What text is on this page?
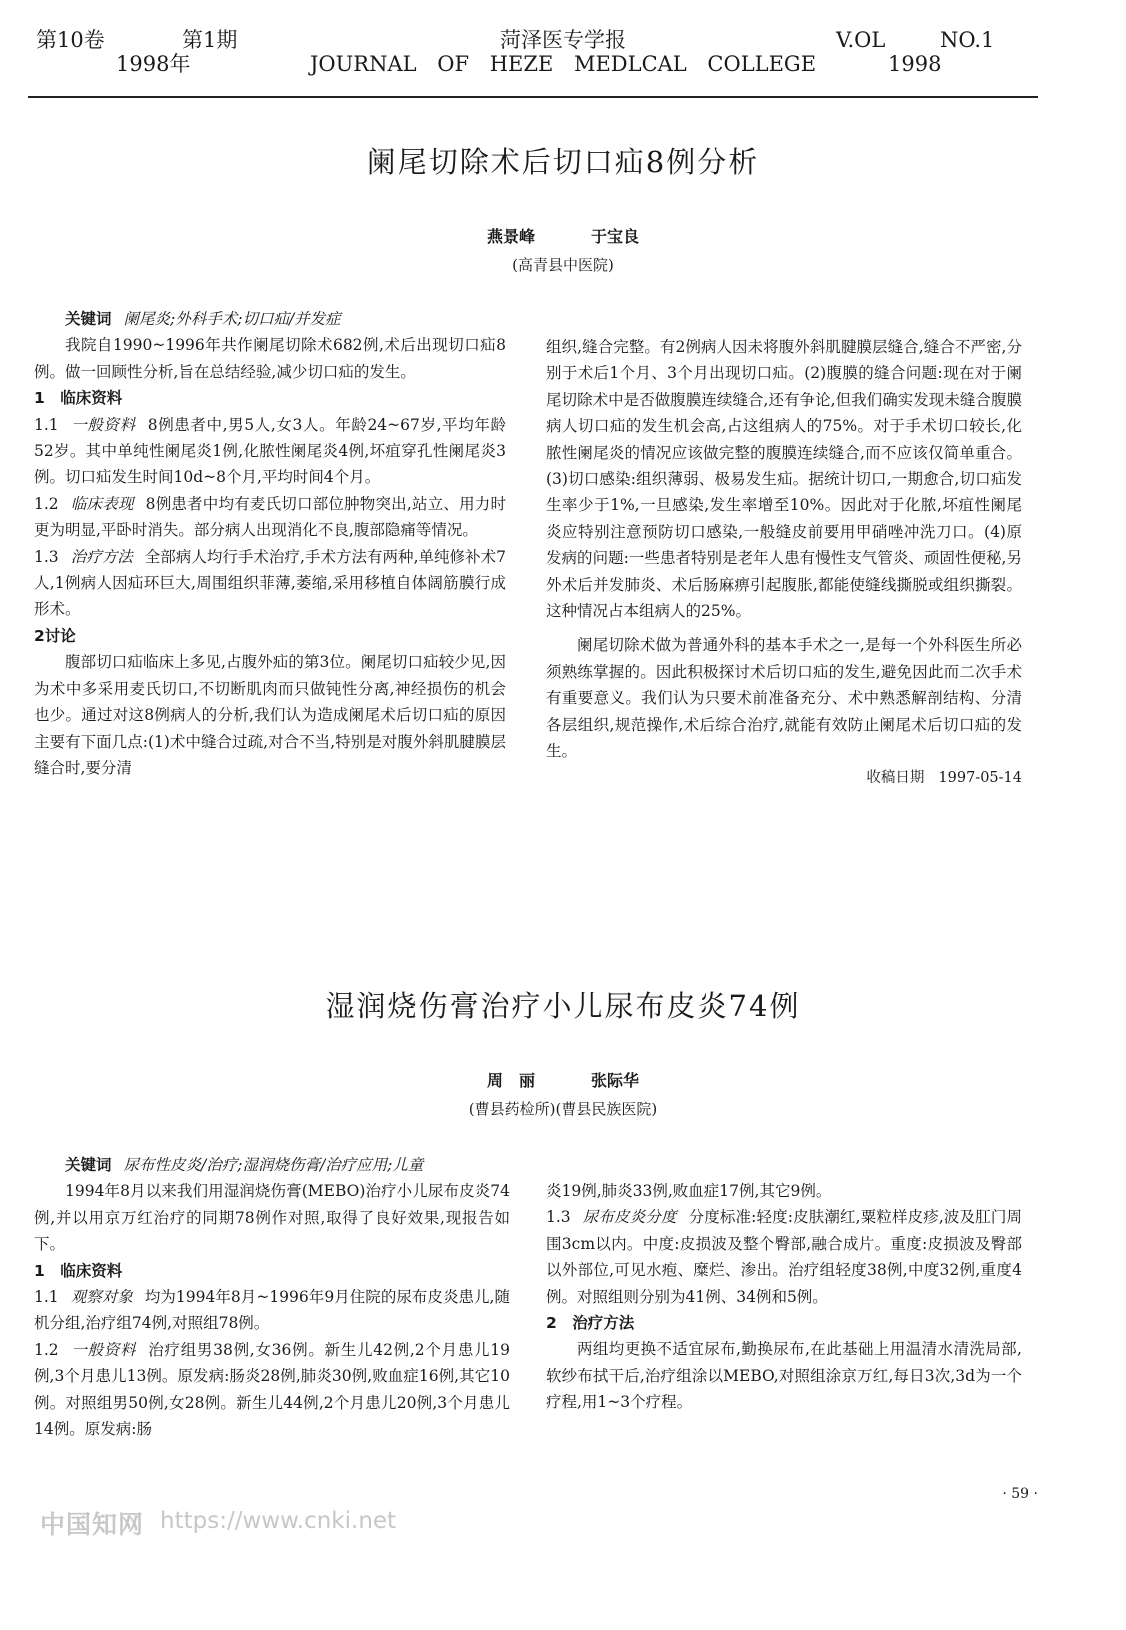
第10卷	第1期
1998年
菏泽医专学报
JOURNAL OF HEZE MEDLCAL COLLEGE
V.OL	NO.1
1998
阑尾切除术后切口疝8例分析
燕景峰	于宝良
(高青县中医院)

关键词 阑尾炎;外科手术;切口疝/并发症

我院自1990~1996年共作阑尾切除术682例,术后出现切口疝8例。做一回顾性分析,旨在总结经验,减少切口疝的发生。

1　临床资料

1.1 一般资料 8例患者中,男5人,女3人。年龄24~67岁,平均年龄52岁。其中单纯性阑尾炎1例,化脓性阑尾炎4例,坏疽穿孔性阑尾炎3例。切口疝发生时间10d~8个月,平均时间4个月。

1.2 临床表现 8例患者中均有麦氏切口部位肿物突出,站立、用力时更为明显,平卧时消失。部分病人出现消化不良,腹部隐痛等情况。

1.3 治疗方法 全部病人均行手术治疗,手术方法有两种,单纯修补术7人,1例病人因疝环巨大,周围组织菲薄,萎缩,采用移植自体阔筋膜行成形术。

2讨论

腹部切口疝临床上多见,占腹外疝的第3位。阑尾切口疝较少见,因为术中多采用麦氏切口,不切断肌肉而只做钝性分离,神经损伤的机会也少。通过对这8例病人的分析,我们认为造成阑尾术后切口疝的原因主要有下面几点:(1)术中缝合过疏,对合不当,特别是对腹外斜肌腱膜层缝合时,要分清

组织,缝合完整。有2例病人因未将腹外斜肌腱膜层缝合,缝合不严密,分别于术后1个月、3个月出现切口疝。(2)腹膜的缝合问题:现在对于阑尾切除术中是否做腹膜连续缝合,还有争论,但我们确实发现未缝合腹膜病人切口疝的发生机会高,占这组病人的75%。对于手术切口较长,化脓性阑尾炎的情况应该做完整的腹膜连续缝合,而不应该仅简单重合。(3)切口感染:组织薄弱、极易发生疝。据统计切口,一期愈合,切口疝发生率少于1%,一旦感染,发生率增至10%。因此对于化脓,坏疽性阑尾炎应特别注意预防切口感染,一般缝皮前要用甲硝唑冲洗刀口。(4)原发病的问题:一些患者特别是老年人患有慢性支气管炎、顽固性便秘,另外术后并发肺炎、术后肠麻痹引起腹胀,都能使缝线撕脱或组织撕裂。这种情况占本组病人的25%。

阑尾切除术做为普通外科的基本手术之一,是每一个外科医生所必须熟练掌握的。因此积极探讨术后切口疝的发生,避免因此而二次手术有重要意义。我们认为只要术前准备充分、术中熟悉解剖结构、分清各层组织,规范操作,术后综合治疗,就能有效防止阑尾术后切口疝的发生。

收稿日期 1997-05-14

湿润烧伤膏治疗小儿尿布皮炎74例
周　丽	张际华
(曹县药检所)(曹县民族医院)

关键词 尿布性皮炎/治疗;湿润烧伤膏/治疗应用;儿童

1994年8月以来我们用湿润烧伤膏(MEBO)治疗小儿尿布皮炎74例,并以用京万红治疗的同期78例作对照,取得了良好效果,现报告如下。

1　临床资料

1.1 观察对象 均为1994年8月~1996年9月住院的尿布皮炎患儿,随机分组,治疗组74例,对照组78例。

1.2 一般资料 治疗组男38例,女36例。新生儿42例,2个月患儿19例,3个月患儿13例。原发病:肠炎28例,肺炎30例,败血症16例,其它10例。对照组男50例,女28例。新生儿44例,2个月患儿20例,3个月患儿14例。原发病:肠

炎19例,肺炎33例,败血症17例,其它9例。

1.3 尿布皮炎分度 分度标准:轻度:皮肤潮红,粟粒样皮疹,波及肛门周围3cm以内。中度:皮损波及整个臀部,融合成片。重度:皮损波及臀部以外部位,可见水疱、糜烂、渗出。治疗组轻度38例,中度32例,重度4例。对照组则分别为41例、34例和5例。

2　治疗方法

两组均更换不适宜尿布,勤换尿布,在此基础上用温清水清洗局部,软纱布拭干后,治疗组涂以MEBO,对照组涂京万红,每日3次,3d为一个疗程,用1~3个疗程。

· 59 ·
中国知网 https://www.cnki.net
